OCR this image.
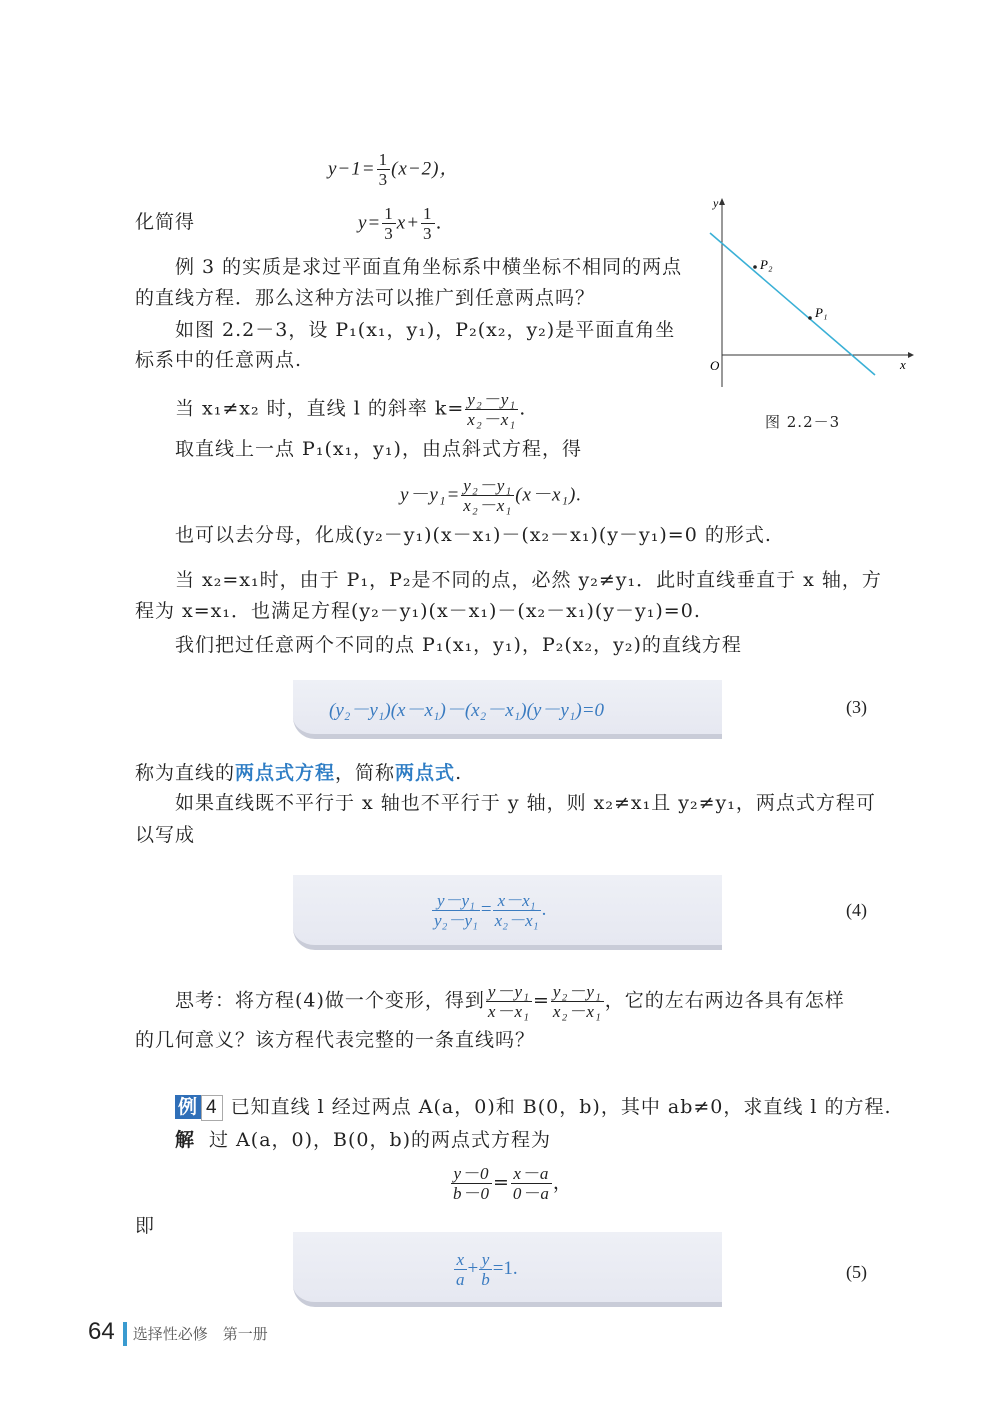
$y-1= \frac{1}{3} (x-2)$，
化简得	$y= \frac{1}{3} x+ \frac{1}{3}$ .
例 3 的实质是求过平面直角坐标系中横坐标不相同的两点
的直线方程．那么这种方法可以推广到任意两点吗？
如图 2.2－3，设 P₁(x₁，y₁)，P₂(x₂，y₂)是平面直角坐
标系中的任意两点.
当 x₁≠x₂ 时，直线 l 的斜率 $k= \frac{\text{y₂－y₁}}{\text{x₂－x₁}}$ .
取直线上一点 P₁(x₁，y₁)，由点斜式方程，得
$y-y_1= \frac{\text{y₂－y₁}}{\text{x₂－x₁}} (x-x_1)$.
也可以去分母，化成(y₂－y₁)(x－x₁)－(x₂－x₁)(y－y₁)=0 的形式.
当 x₂=x₁时，由于 P₁，P₂是不同的点，必然 y₂≠y₁．此时直线垂直于 x 轴，方
程为 x=x₁．也满足方程(y₂－y₁)(x－x₁)－(x₂－x₁)(y－y₁)=0.
我们把过任意两个不同的点 P₁(x₁，y₁)，P₂(x₂，y₂)的直线方程
(y₂－y₁)(x－x₁)－(x₂－x₁)(y－y₁)=0	(3)
称为直线的两点式方程，简称两点式.
如果直线既不平行于 x 轴也不平行于 y 轴，则 x₂≠x₁且 y₂≠y₁，两点式方程可
以写成
$\frac{\text{y－y₁}}{\text{y₂－y₁}} = \frac{\text{x－x₁}}{\text{x₂－x₁}}$ .	(4)
思考：将方程(4)做一个变形，得到 $\frac{\text{y－y₁}}{\text{x－x₁}} = \frac{\text{y₂－y₁}}{\text{x₂－x₁}}$ ，它的左右两边各具有怎样
的几何意义？该方程代表完整的一条直线吗？
例 4 已知直线 l 经过两点 A(a，0)和 B(0，b)，其中 ab≠0，求直线 l 的方程.
解 过 A(a，0)，B(0，b)的两点式方程为
$\frac{y-0}{b-0} = \frac{x-a}{0-a}$ ，
即
$\frac{x}{a} + \frac{y}{b} =1$.	(5)
y
x
O
P₂
P₁
图 2.2－3
64 选择性必修　第一册
